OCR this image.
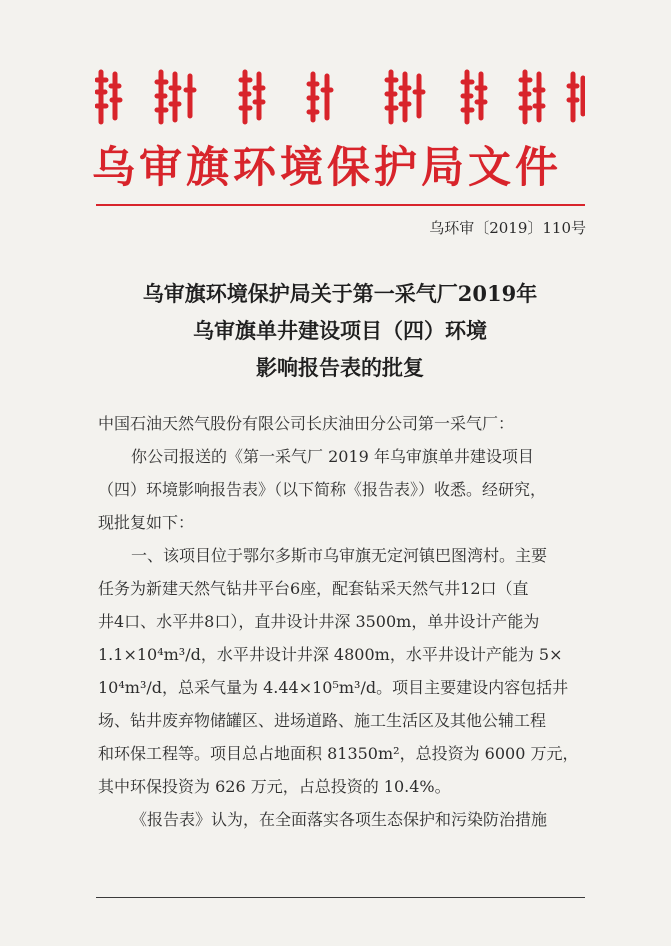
乌审旗环境保护局文件
乌环审〔2019〕110号
乌审旗环境保护局关于第一采气厂2019年
乌审旗单井建设项目（四）环境
影响报告表的批复
中国石油天然气股份有限公司长庆油田分公司第一采气厂：
你公司报送的《第一采气厂 2019 年乌审旗单井建设项目
（四）环境影响报告表》（以下简称《报告表》）收悉。经研究，
现批复如下：
一、该项目位于鄂尔多斯市乌审旗无定河镇巴图湾村。主要
任务为新建天然气钻井平台6座，配套钻采天然气井12口（直
井4口、水平井8口），直井设计井深 3500m，单井设计产能为
1.1×10⁴m³/d，水平井设计井深 4800m，水平井设计产能为 5×
10⁴m³/d，总采气量为 4.44×10⁵m³/d。项目主要建设内容包括井
场、钻井废弃物储罐区、进场道路、施工生活区及其他公辅工程
和环保工程等。项目总占地面积 81350m²，总投资为 6000 万元，
其中环保投资为 626 万元，占总投资的 10.4%。
《报告表》认为，在全面落实各项生态保护和污染防治措施
